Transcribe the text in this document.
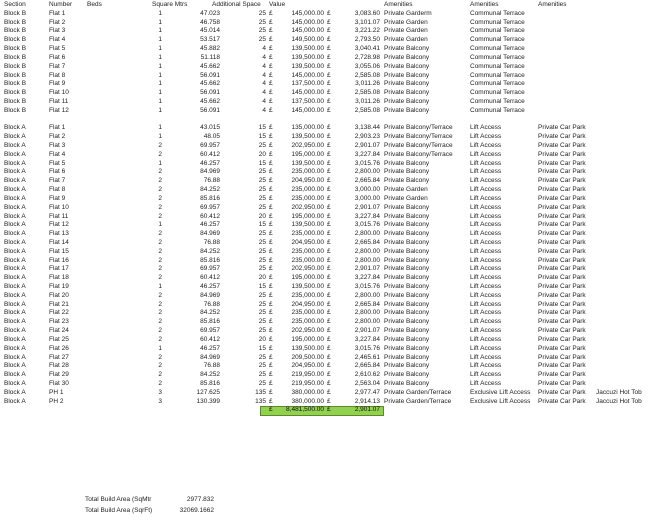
Section	Number	Beds	Square Mtrs	Additional Space	Value	Amenities	Amenities	Amenities
Block B	Flat 1	1	47.023	25 £	145,000.00 £	3,083.60 Private Garderm	Communal Terrace
Block B	Flat 2	1	46.758	25 £	145,000.00 £	3,101.07 Private Garden	Communal Terrace
Block B	Flat 3	1	45.014	25 £	145,000.00 £	3,221.22 Private Garden	Communal Terrace
Block B	Flat 4	1	53.517	25 £	149,500.00 £	2,793.50 Private Garden	Communal Terrace
Block B	Flat 5	1	45.882	4 £	139,500.00 £	3,040.41 Private Balcony	Communal Terrace
Block B	Flat 6	1	51.118	4 £	139,500.00 £	2,728.98 Private Balcony	Communal Terrace
Block B	Flat 7	1	45.662	4 £	139,500.00 £	3,055.06 Private Balcony	Communal Terrace
Block B	Flat 8	1	56.091	4 £	145,000.00 £	2,585.08 Private Balcony	Communal Terrace
Block B	Flat 9	1	45.662	4 £	137,500.00 £	3,011.26 Private Balcony	Communal Terrace
Block B	Flat 10	1	56.091	4 £	145,000.00 £	2,585.08 Private Balcony	Communal Terrace
Block B	Flat 11	1	45.662	4 £	137,500.00 £	3,011.26 Private Balcony	Communal Terrace
Block B	Flat 12	1	56.091	4 £	145,000.00 £	2,585.08 Private Balcony	Communal Terrace
Block A	Flat 1	1	43.015	15 £	135,000.00 £	3,138.44 Private Balcony/Terrace	Lift Access	Private Car Park
Block A	Flat 2	1	48.05	15 £	139,500.00 £	2,903.23 Private Balcony/Terrace	Lift Access	Private Car Park
Block A	Flat 3	2	69.957	25 £	202,950.00 £	2,901.07 Private Balcony/Terrace	Lift Access	Private Car Park
Block A	Flat 4	2	60.412	20 £	195,000.00 £	3,227.84 Private Balcony/Terrace	Lift Access	Private Car Park
Block A	Flat 5	1	46.257	15 £	139,500.00 £	3,015.76 Private Balcony	Lift Access	Private Car Park
Block A	Flat 6	2	84.969	25 £	235,000.00 £	2,800.00 Private Balcony	Lift Access	Private Car Park
Block A	Flat 7	2	76.88	25 £	204,950.00 £	2,665.84 Private Balcony	Lift Access	Private Car Park
Block A	Flat 8	2	84.252	25 £	235,000.00 £	3,000.00 Private Garden	Lift Access	Private Car Park
Block A	Flat 9	2	85.816	25 £	235,000.00 £	3,000.00 Private Garden	Lift Access	Private Car Park
Block A	Flat 10	2	69.957	25 £	202,950.00 £	2,901.07 Private Balcony	Lift Access	Private Car Park
Block A	Flat 11	2	60.412	20 £	195,000.00 £	3,227.84 Private Balcony	Lift Access	Private Car Park
Block A	Flat 12	1	46.257	15 £	139,500.00 £	3,015.76 Private Balcony	Lift Access	Private Car Park
Block A	Flat 13	2	84.969	25 £	235,000.00 £	2,800.00 Private Balcony	Lift Access	Private Car Park
Block A	Flat 14	2	76.88	25 £	204,950.00 £	2,665.84 Private Balcony	Lift Access	Private Car Park
Block A	Flat 15	2	84.252	25 £	235,000.00 £	2,800.00 Private Balcony	Lift Access	Private Car Park
Block A	Flat 16	2	85.816	25 £	235,000.00 £	2,800.00 Private Balcony	Lift Access	Private Car Park
Block A	Flat 17	2	69.957	25 £	202,950.00 £	2,901.07 Private Balcony	Lift Access	Private Car Park
Block A	Flat 18	2	60.412	20 £	195,000.00 £	3,227.84 Private Balcony	Lift Access	Private Car Park
Block A	Flat 19	1	46.257	15 £	139,500.00 £	3,015.76 Private Balcony	Lift Access	Private Car Park
Block A	Flat 20	2	84.969	25 £	235,000.00 £	2,800.00 Private Balcony	Lift Access	Private Car Park
Block A	Flat 21	2	76.88	25 £	204,950.00 £	2,665.84 Private Balcony	Lift Access	Private Car Park
Block A	Flat 22	2	84.252	25 £	235,000.00 £	2,800.00 Private Balcony	Lift Access	Private Car Park
Block A	Flat 23	2	85.816	25 £	235,000.00 £	2,800.00 Private Balcony	Lift Access	Private Car Park
Block A	Flat 24	2	69.957	25 £	202,950.00 £	2,901.07 Private Balcony	Lift Access	Private Car Park
Block A	Flat 25	2	60.412	20 £	195,000.00 £	3,227.84 Private Balcony	Lift Access	Private Car Park
Block A	Flat 26	1	46.257	15 £	139,500.00 £	3,015.76 Private Balcony	Lift Access	Private Car Park
Block A	Flat 27	2	84.969	25 £	209,500.00 £	2,465.61 Private Balcony	Lift Access	Private Car Park
Block A	Flat 28	2	76.88	25 £	204,950.00 £	2,665.84 Private Balcony	Lift Access	Private Car Park
Block A	Flat 29	2	84.252	25 £	219,950.00 £	2,610.62 Private Balcony	Lift Access	Private Car Park
Block A	Flat 30	2	85.816	25 £	219,950.00 £	2,563.04 Private Balcony	Lift Access	Private Car Park
Block A	PH 1	3	127.625	135 £	380,000.00 £	2,977.47 Private Garden/Terrace	Exclusive Lift Access	Private Car Park	Jaccuzi Hot Tob
Block A	PH 2	3	130.399	135 £	380,000.00 £	2,914.13 Private Garden/Terrace	Exclusive Lift Access	Private Car Park	Jaccuzi Hot Tob
£	8,481,500.00 £	2,901.07
Total Build Area (SqMtr	2977.832
Total Build Area (SqrFt)	32069.1662
